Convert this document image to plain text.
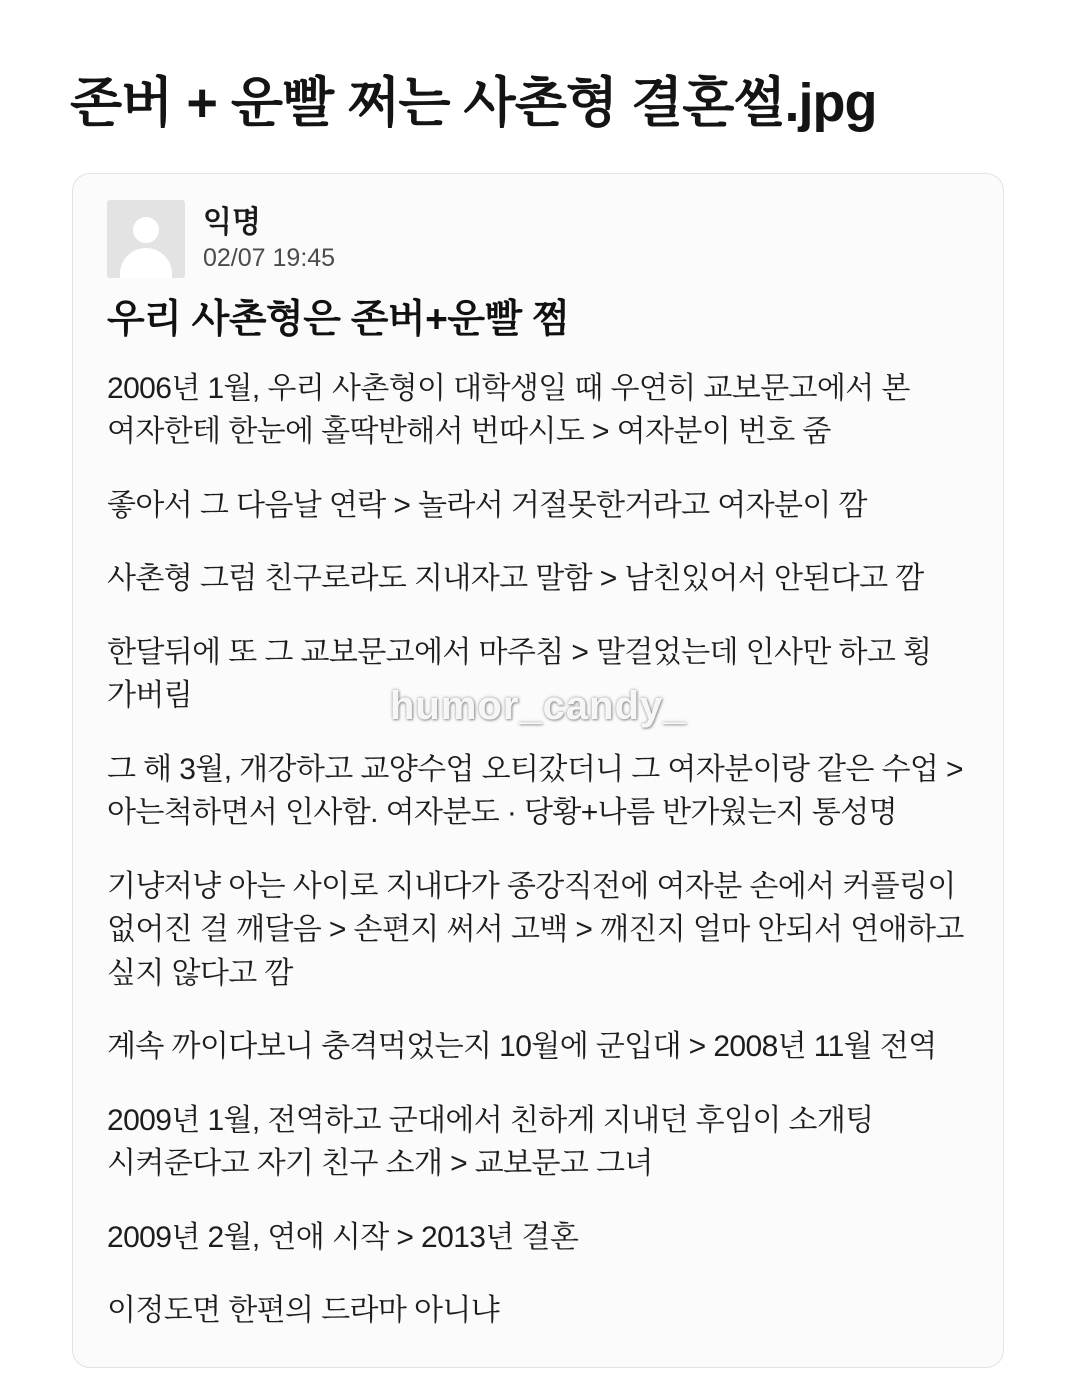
존버 + 운빨 쩌는 사촌형 결혼썰.jpg
익명
02/07 19:45
우리 사촌형은 존버+운빨 쩜

2006년 1월, 우리 사촌형이 대학생일 때 우연히 교보문고에서 본 여자한테 한눈에 홀딱반해서 번따시도 > 여자분이 번호 줌

좋아서 그 다음날 연락 > 놀라서 거절못한거라고 여자분이 깜

사촌형 그럼 친구로라도 지내자고 말함 > 남친있어서 안된다고 깜

한달뒤에 또 그 교보문고에서 마주침 > 말걸었는데 인사만 하고 횡 가버림

그 해 3월, 개강하고 교양수업 오티갔더니 그 여자분이랑 같은 수업 > 아는척하면서 인사함. 여자분도 · 당황+나름 반가웠는지 통성명

기냥저냥 아는 사이로 지내다가 종강직전에 여자분 손에서 커플링이 없어진 걸 깨달음 > 손편지 써서 고백 > 깨진지 얼마 안되서 연애하고 싶지 않다고 깜

계속 까이다보니 충격먹었는지 10월에 군입대 > 2008년 11월 전역

2009년 1월, 전역하고 군대에서 친하게 지내던 후임이 소개팅 시켜준다고 자기 친구 소개 > 교보문고 그녀

2009년 2월, 연애 시작 > 2013년 결혼

이정도면 한편의 드라마 아니냐

humor_candy_
